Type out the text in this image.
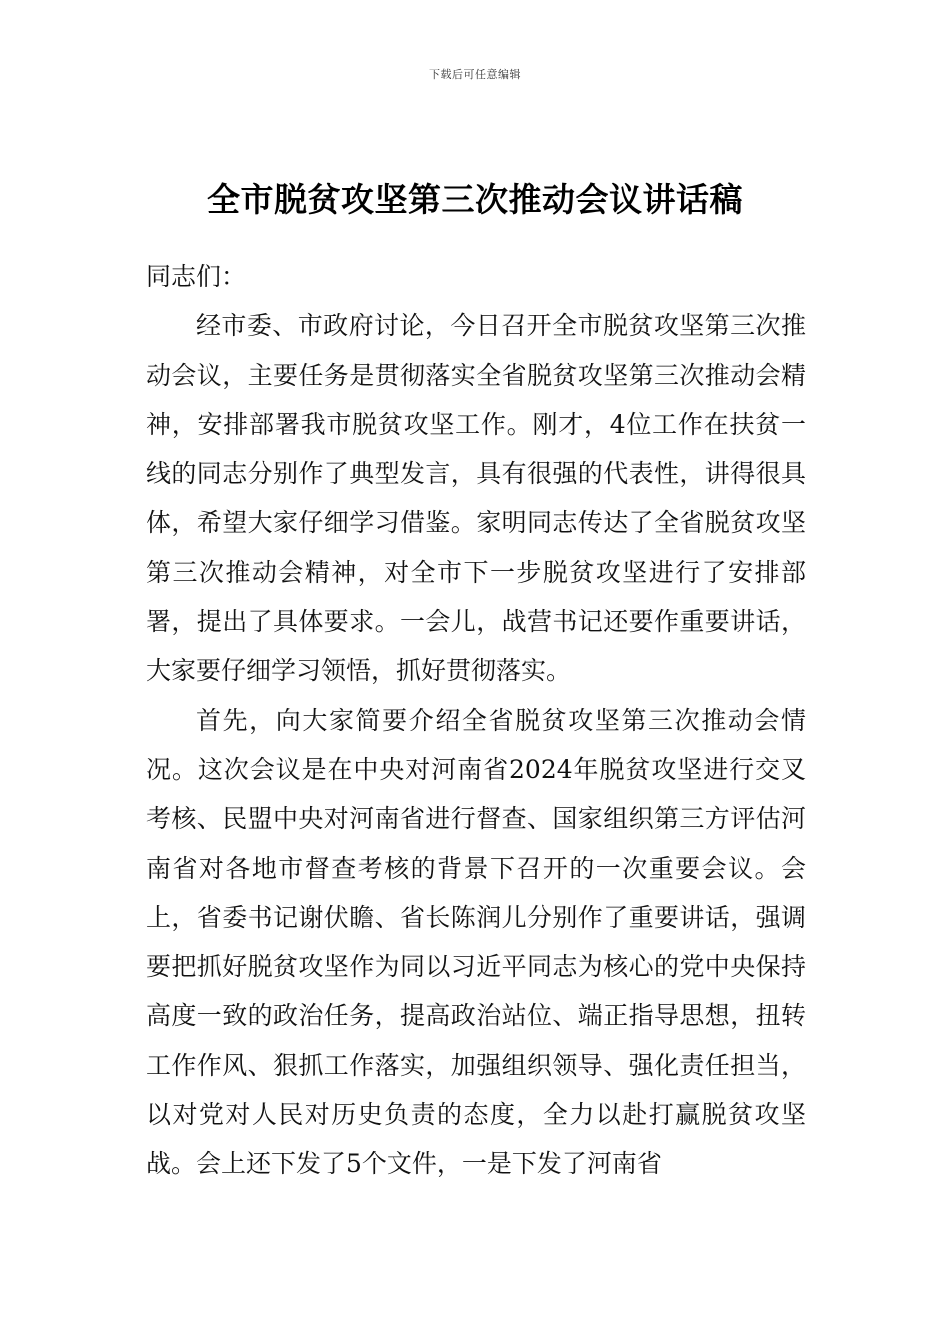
下载后可任意编辑
全市脱贫攻坚第三次推动会议讲话稿

同志们：

经市委、市政府讨论，今日召开全市脱贫攻坚第三次推动会议，主要任务是贯彻落实全省脱贫攻坚第三次推动会精神，安排部署我市脱贫攻坚工作。刚才，4位工作在扶贫一线的同志分别作了典型发言，具有很强的代表性，讲得很具体，希望大家仔细学习借鉴。家明同志传达了全省脱贫攻坚第三次推动会精神，对全市下一步脱贫攻坚进行了安排部署，提出了具体要求。一会儿，战营书记还要作重要讲话，大家要仔细学习领悟，抓好贯彻落实。

首先，向大家简要介绍全省脱贫攻坚第三次推动会情况。这次会议是在中央对河南省2024年脱贫攻坚进行交叉考核、民盟中央对河南省进行督查、国家组织第三方评估河南省对各地市督查考核的背景下召开的一次重要会议。会上，省委书记谢伏瞻、省长陈润儿分别作了重要讲话，强调要把抓好脱贫攻坚作为同以习近平同志为核心的党中央保持高度一致的政治任务，提高政治站位、端正指导思想，扭转工作作风、狠抓工作落实，加强组织领导、强化责任担当，以对党对人民对历史负责的态度，全力以赴打赢脱贫攻坚战。会上还下发了5个文件，一是下发了河南省
